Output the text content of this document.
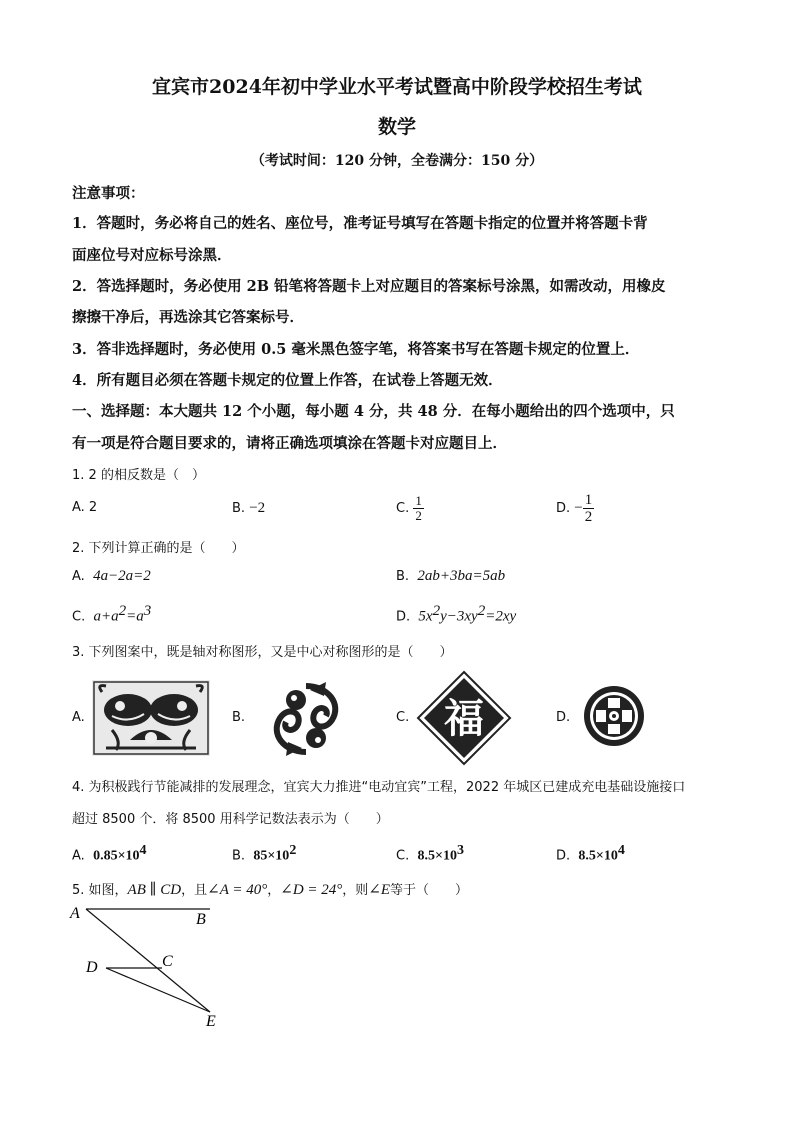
宜宾市2024年初中学业水平考试暨高中阶段学校招生考试
数学
（考试时间：120 分钟，全卷满分：150 分）
注意事项：
1．答题时，务必将自己的姓名、座位号，准考证号填写在答题卡指定的位置并将答题卡背
面座位号对应标号涂黑．
2．答选择题时，务必使用 2B 铅笔将答题卡上对应题目的答案标号涂黑，如需改动，用橡皮
擦擦干净后，再选涂其它答案标号．
3．答非选择题时，务必使用 0.5 毫米黑色签字笔，将答案书写在答题卡规定的位置上．
4．所有题目必须在答题卡规定的位置上作答，在试卷上答题无效．
一、选择题：本大题共 12 个小题，每小题 4 分，共 48 分．在每小题给出的四个选项中，只
有一项是符合题目要求的，请将正确选项填涂在答题卡对应题目上．
1. 2 的相反数是（　）
A. 2	B. −2	C. $\frac{1}{2}$	D. − $\frac{1}{2}$
2. 下列计算正确的是（　　）
A. 4a−2a=2	B. 2ab+3ba=5ab
C. $a+a^2=a^3$	D. $5x^2y-3xy^2=2xy$
3. 下列图案中，既是轴对称图形，又是中心对称图形的是（　　）
A.	B.	C.	D.
福
4. 为积极践行节能减排的发展理念，宜宾大力推进“电动宜宾”工程，2022 年城区已建成充电基础设施接口
超过 8500 个．将 8500 用科学记数法表示为（　　）
A. $0.85\times 10^4$	B. $85\times 10^2$	C. $8.5\times 10^3$	D. $8.5\times 10^4$
5. 如图，AB ∥ CD，且∠A = 40°，∠D = 24°，则∠E等于（　　）
A	B
C
D
E
